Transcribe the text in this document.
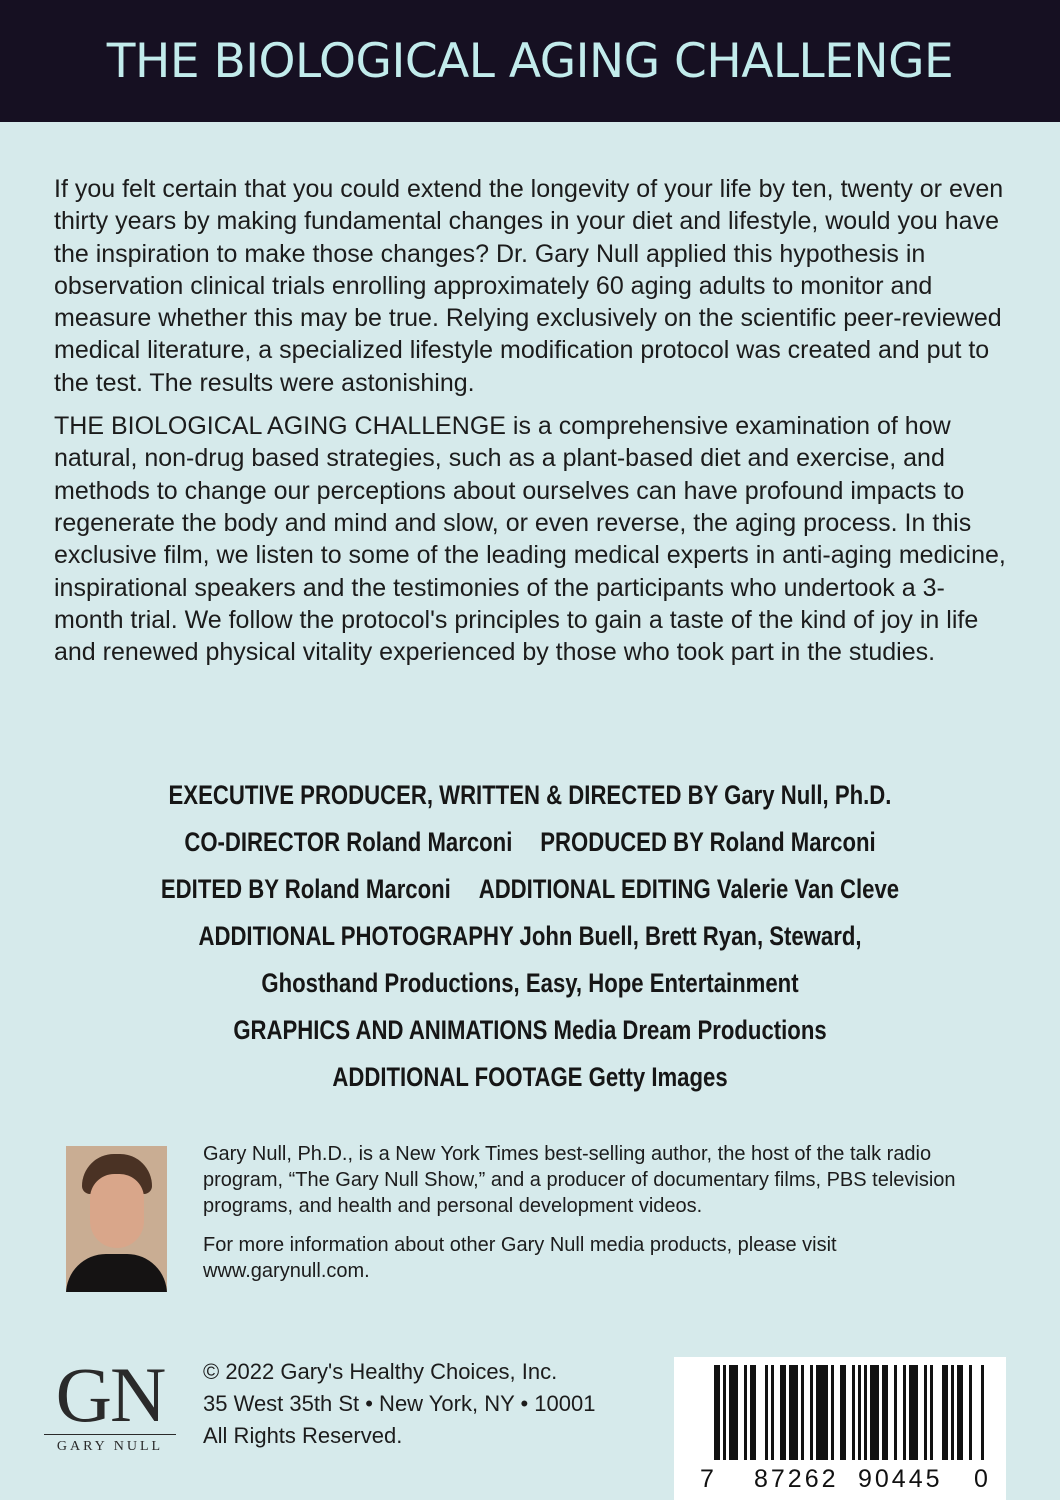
THE BIOLOGICAL AGING CHALLENGE

If you felt certain that you could extend the longevity of your life by ten, twenty or even thirty years by making fundamental changes in your diet and lifestyle, would you have the inspiration to make those changes? Dr. Gary Null applied this hypothesis in observation clinical trials enrolling approximately 60 aging adults to monitor and measure whether this may be true. Relying exclusively on the scientific peer-reviewed medical literature, a specialized lifestyle modification protocol was created and put to the test. The results were astonishing.

THE BIOLOGICAL AGING CHALLENGE is a comprehensive examination of how natural, non-drug based strategies, such as a plant-based diet and exercise, and methods to change our perceptions about ourselves can have profound impacts to regenerate the body and mind and slow, or even reverse, the aging process. In this exclusive film, we listen to some of the leading medical experts in anti-aging medicine, inspirational speakers and the testimonies of the participants who undertook a 3-month trial. We follow the protocol's principles to gain a taste of the kind of joy in life and renewed physical vitality experienced by those who took part in the studies.

EXECUTIVE PRODUCER, WRITTEN & DIRECTED BY Gary Null, Ph.D.
CO-DIRECTOR Roland Marconi PRODUCED BY Roland Marconi
EDITED BY Roland Marconi ADDITIONAL EDITING Valerie Van Cleve
ADDITIONAL PHOTOGRAPHY John Buell, Brett Ryan, Steward,
Ghosthand Productions, Easy, Hope Entertainment
GRAPHICS AND ANIMATIONS Media Dream Productions
ADDITIONAL FOOTAGE Getty Images

Gary Null, Ph.D., is a New York Times best-selling author, the host of the talk radio program, “The Gary Null Show,” and a producer of documentary films, PBS television programs, and health and personal development videos.

For more information about other Gary Null media products, please visit www.garynull.com.

GN
GARY NULL
© 2022 Gary's Healthy Choices, Inc.
35 West 35th St • New York, NY • 10001
All Rights Reserved.
7 87262 90445 0
